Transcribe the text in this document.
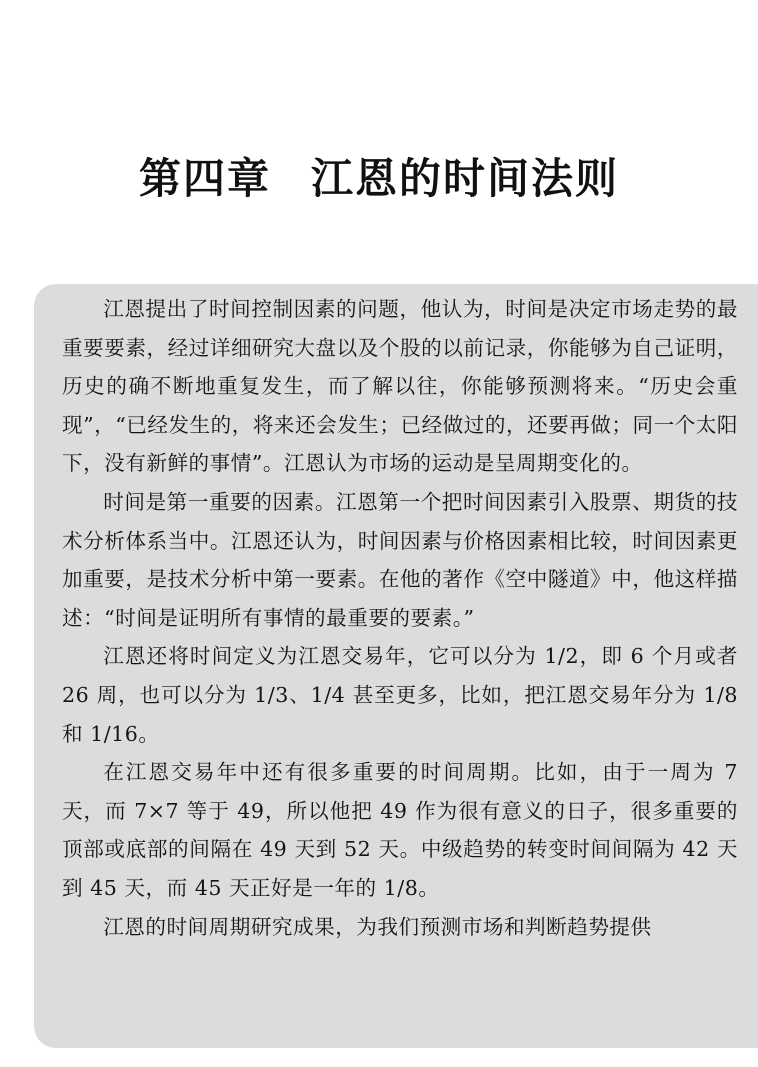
第四章 江恩的时间法则

江恩提出了时间控制因素的问题，他认为，时间是决定市场走势的最重要要素，经过详细研究大盘以及个股的以前记录，你能够为自己证明，历史的确不断地重复发生，而了解以往，你能够预测将来。“历史会重现”，“已经发生的，将来还会发生；已经做过的，还要再做；同一个太阳下，没有新鲜的事情”。江恩认为市场的运动是呈周期变化的。

时间是第一重要的因素。江恩第一个把时间因素引入股票、期货的技术分析体系当中。江恩还认为，时间因素与价格因素相比较，时间因素更加重要，是技术分析中第一要素。在他的著作《空中隧道》中，他这样描述：“时间是证明所有事情的最重要的要素。”

江恩还将时间定义为江恩交易年，它可以分为 1/2，即 6 个月或者 26 周，也可以分为 1/3、1/4 甚至更多，比如，把江恩交易年分为 1/8 和 1/16。

在江恩交易年中还有很多重要的时间周期。比如，由于一周为 7 天，而 7×7 等于 49，所以他把 49 作为很有意义的日子，很多重要的顶部或底部的间隔在 49 天到 52 天。中级趋势的转变时间间隔为 42 天到 45 天，而 45 天正好是一年的 1/8。

江恩的时间周期研究成果，为我们预测市场和判断趋势提供
